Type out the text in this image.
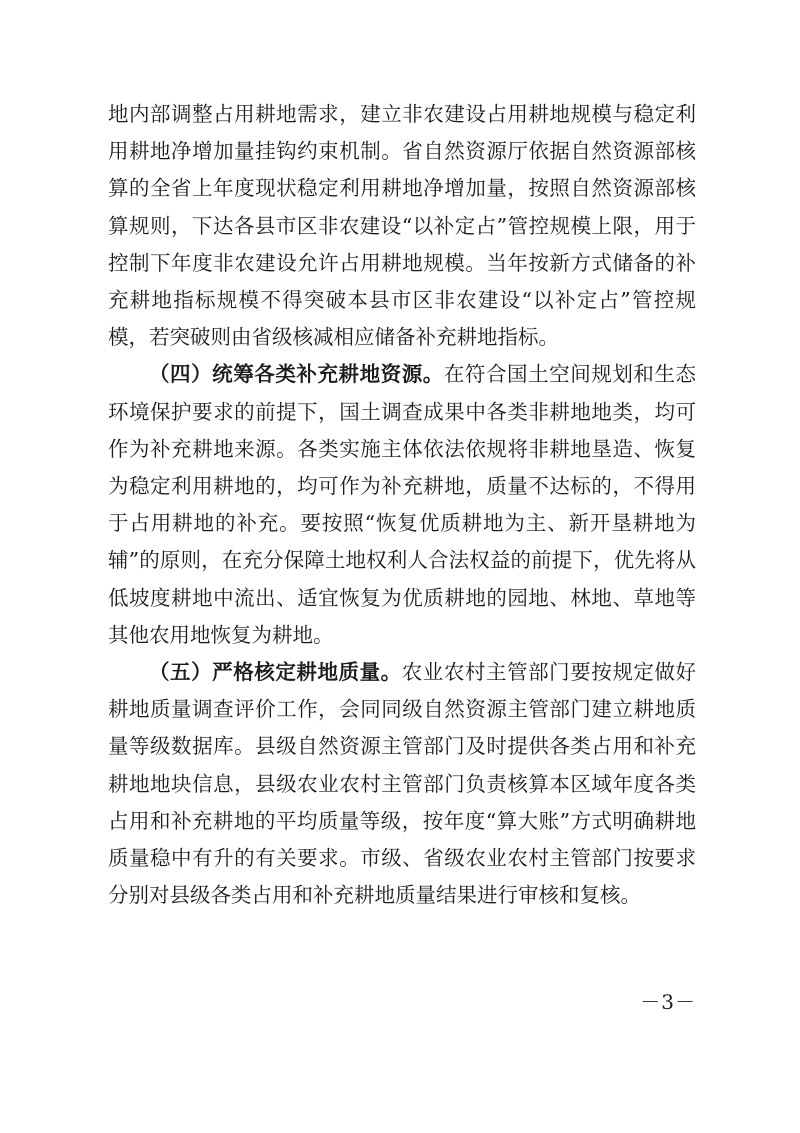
地内部调整占用耕地需求，建立非农建设占用耕地规模与稳定利用耕地净增加量挂钩约束机制。省自然资源厅依据自然资源部核算的全省上年度现状稳定利用耕地净增加量，按照自然资源部核算规则，下达各县市区非农建设“以补定占”管控规模上限，用于控制下年度非农建设允许占用耕地规模。当年按新方式储备的补充耕地指标规模不得突破本县市区非农建设“以补定占”管控规模，若突破则由省级核减相应储备补充耕地指标。

（四）统筹各类补充耕地资源。在符合国土空间规划和生态环境保护要求的前提下，国土调查成果中各类非耕地地类，均可作为补充耕地来源。各类实施主体依法依规将非耕地垦造、恢复为稳定利用耕地的，均可作为补充耕地，质量不达标的，不得用于占用耕地的补充。要按照“恢复优质耕地为主、新开垦耕地为辅”的原则，在充分保障土地权利人合法权益的前提下，优先将从低坡度耕地中流出、适宜恢复为优质耕地的园地、林地、草地等其他农用地恢复为耕地。

（五）严格核定耕地质量。农业农村主管部门要按规定做好耕地质量调查评价工作，会同同级自然资源主管部门建立耕地质量等级数据库。县级自然资源主管部门及时提供各类占用和补充耕地地块信息，县级农业农村主管部门负责核算本区域年度各类占用和补充耕地的平均质量等级，按年度“算大账”方式明确耕地质量稳中有升的有关要求。市级、省级农业农村主管部门按要求分别对县级各类占用和补充耕地质量结果进行审核和复核。

－3－
